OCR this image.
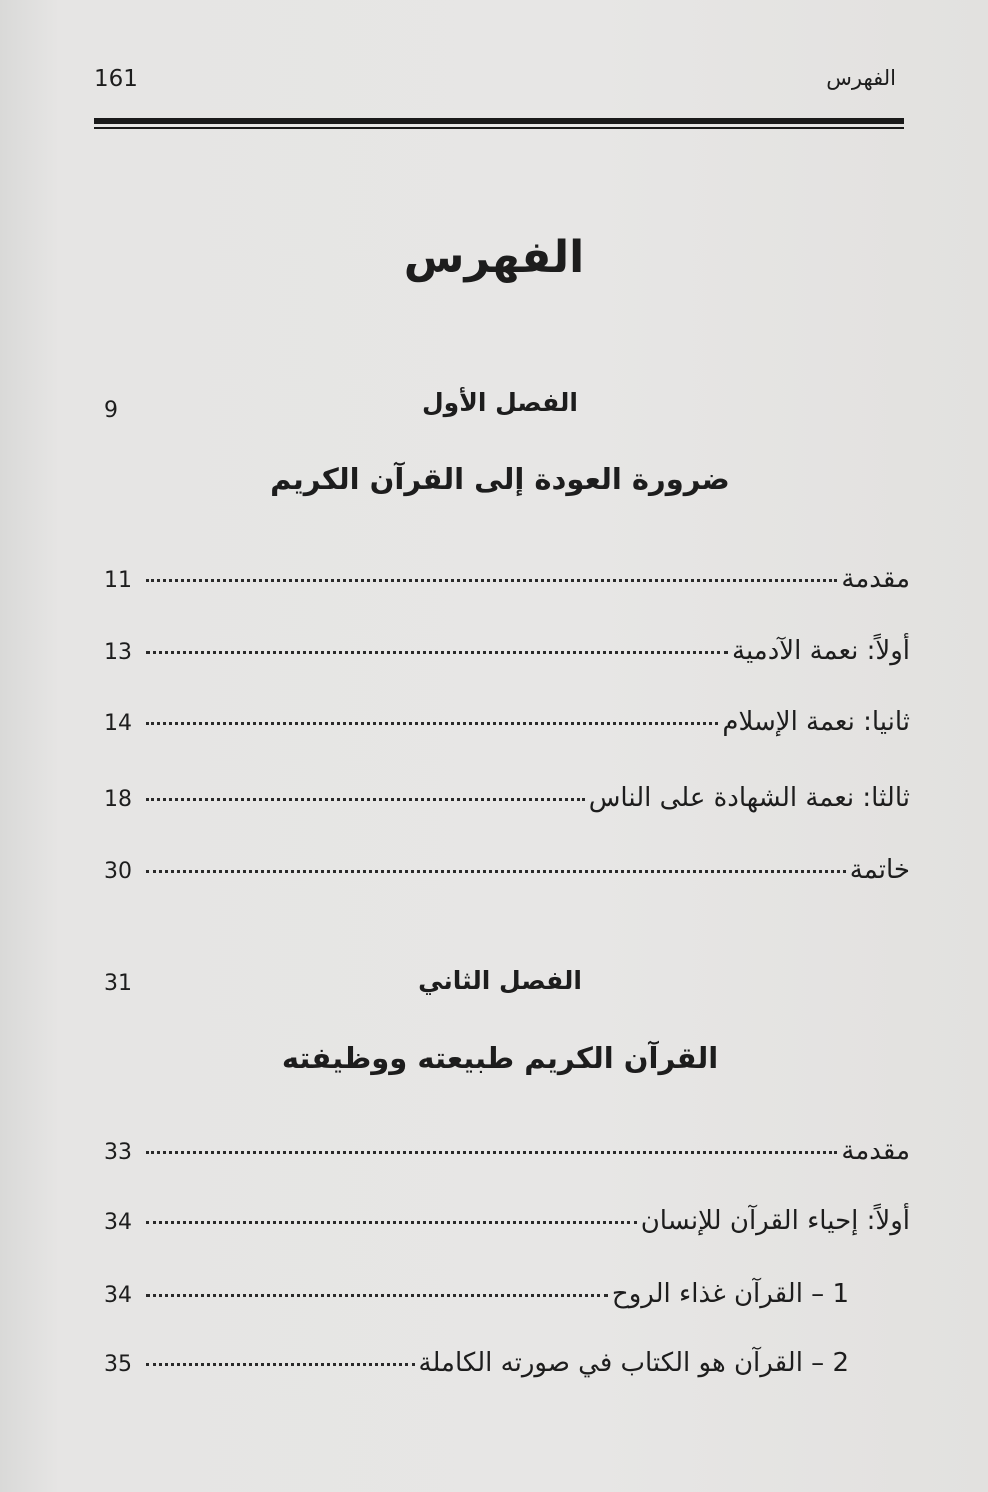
161	الفهرس
الفهرس
الفصل الأول
9
ضرورة العودة إلى القرآن الكريم
مقدمة
11
أولاً: نعمة الآدمية
13
ثانيا: نعمة الإسلام
14
ثالثا: نعمة الشهادة على الناس
18
خاتمة
30
الفصل الثاني
31
القرآن الكريم طبيعته ووظيفته
مقدمة
33
أولاً: إحياء القرآن للإنسان
34
1 – القرآن غذاء الروح
34
2 – القرآن هو الكتاب في صورته الكاملة
35
